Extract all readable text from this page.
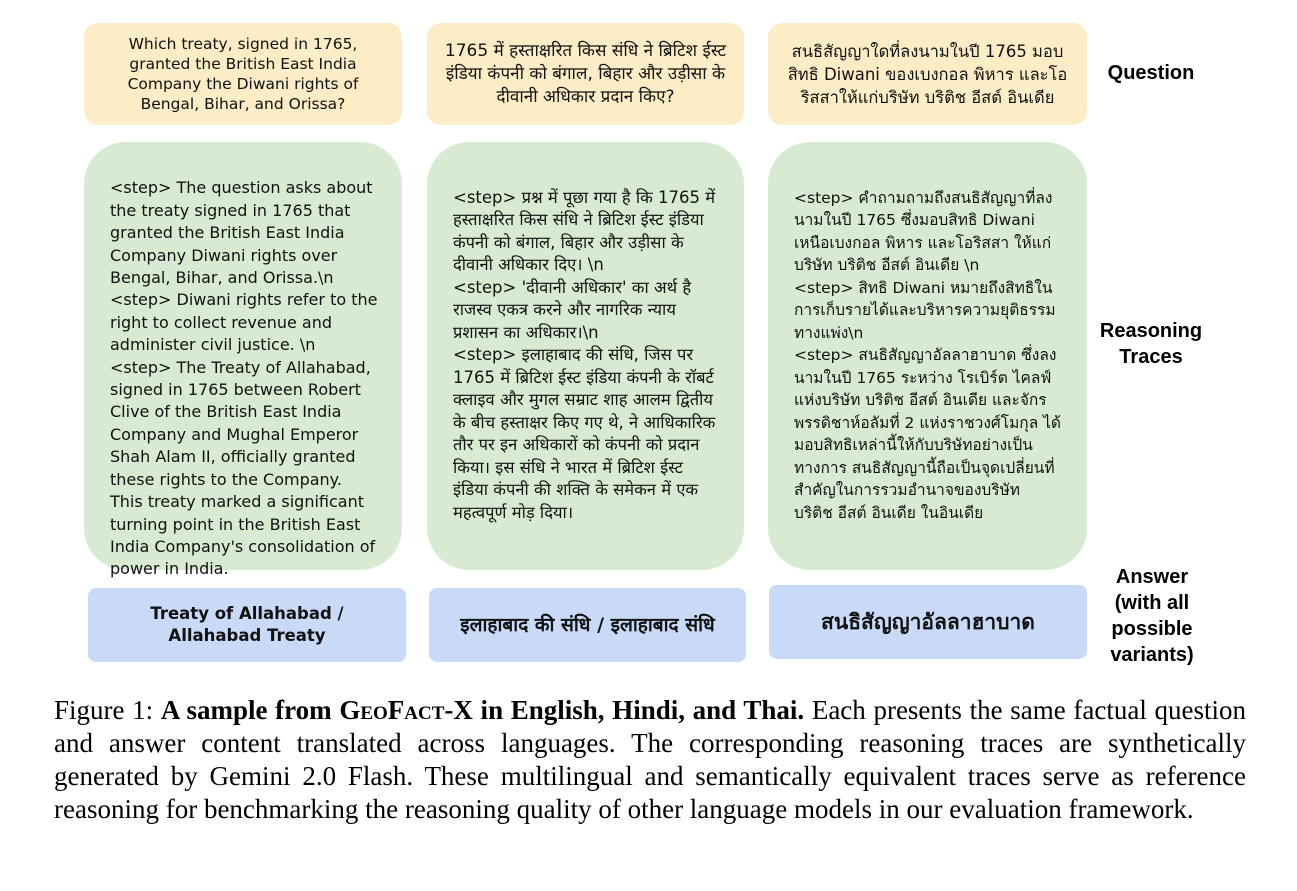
Which treaty, signed in 1765, granted the British East India Company the Diwani rights of Bengal, Bihar, and Orissa?
1765 में हस्ताक्षरित किस संधि ने ब्रिटिश ईस्ट इंडिया कंपनी को बंगाल, बिहार और उड़ीसा के दीवानी अधिकार प्रदान किए?
สนธิสัญญาใดที่ลงนามในปี 1765 มอบสิทธิ Diwani ของเบงกอล พิหาร และโอริสสาให้แก่บริษัท บริติช อีสต์ อินเดีย

<step> The question asks about the treaty signed in 1765 that granted the British East India Company Diwani rights over Bengal, Bihar, and Orissa.\n <step> Diwani rights refer to the right to collect revenue and administer civil justice. \n <step> The Treaty of Allahabad, signed in 1765 between Robert Clive of the British East India Company and Mughal Emperor Shah Alam II, officially granted these rights to the Company. This treaty marked a significant turning point in the British East India Company's consolidation of power in India.

<step> प्रश्न में पूछा गया है कि 1765 में हस्ताक्षरित किस संधि ने ब्रिटिश ईस्ट इंडिया कंपनी को बंगाल, बिहार और उड़ीसा के दीवानी अधिकार दिए। \n
<step> 'दीवानी अधिकार' का अर्थ है राजस्व एकत्र करने और नागरिक न्याय प्रशासन का अधिकार।\n
<step> इलाहाबाद की संधि, जिस पर 1765 में ब्रिटिश ईस्ट इंडिया कंपनी के रॉबर्ट क्लाइव और मुगल सम्राट शाह आलम द्वितीय के बीच हस्ताक्षर किए गए थे, ने आधिकारिक तौर पर इन अधिकारों को कंपनी को प्रदान किया। इस संधि ने भारत में ब्रिटिश ईस्ट इंडिया कंपनी की शक्ति के समेकन में एक महत्वपूर्ण मोड़ दिया।

<step> คำถามถามถึงสนธิสัญญาที่ลงนามในปี 1765 ซึ่งมอบสิทธิ Diwani เหนือเบงกอล พิหาร และโอริสสา ให้แก่บริษัท บริติช อีสต์ อินเดีย \n
<step> สิทธิ Diwani หมายถึงสิทธิในการเก็บรายได้และบริหารความยุติธรรมทางแพ่ง\n
<step> สนธิสัญญาอัลลาฮาบาด ซึ่งลงนามในปี 1765 ระหว่าง โรเบิร์ต ไคลฟ์ แห่งบริษัท บริติช อีสต์ อินเดีย และจักรพรรดิชาห์อลัมที่ 2 แห่งราชวงศ์โมกุล ได้มอบสิทธิเหล่านี้ให้กับบริษัทอย่างเป็นทางการ สนธิสัญญานี้ถือเป็นจุดเปลี่ยนที่สำคัญในการรวมอำนาจของบริษัท บริติช อีสต์ อินเดีย ในอินเดีย

Treaty of Allahabad / Allahabad Treaty	इलाहाबाद की संधि / इलाहाबाद संधि	สนธิสัญญาอัลลาฮาบาด
Question
Reasoning
Traces
Answer
(with all
possible
variants)
Figure 1: A sample from GeoFact-X in English, Hindi, and Thai. Each presents the same factual question and answer content translated across languages. The corresponding reasoning traces are synthetically generated by Gemini 2.0 Flash. These multilingual and semantically equivalent traces serve as reference reasoning for benchmarking the reasoning quality of other language models in our evaluation framework.
